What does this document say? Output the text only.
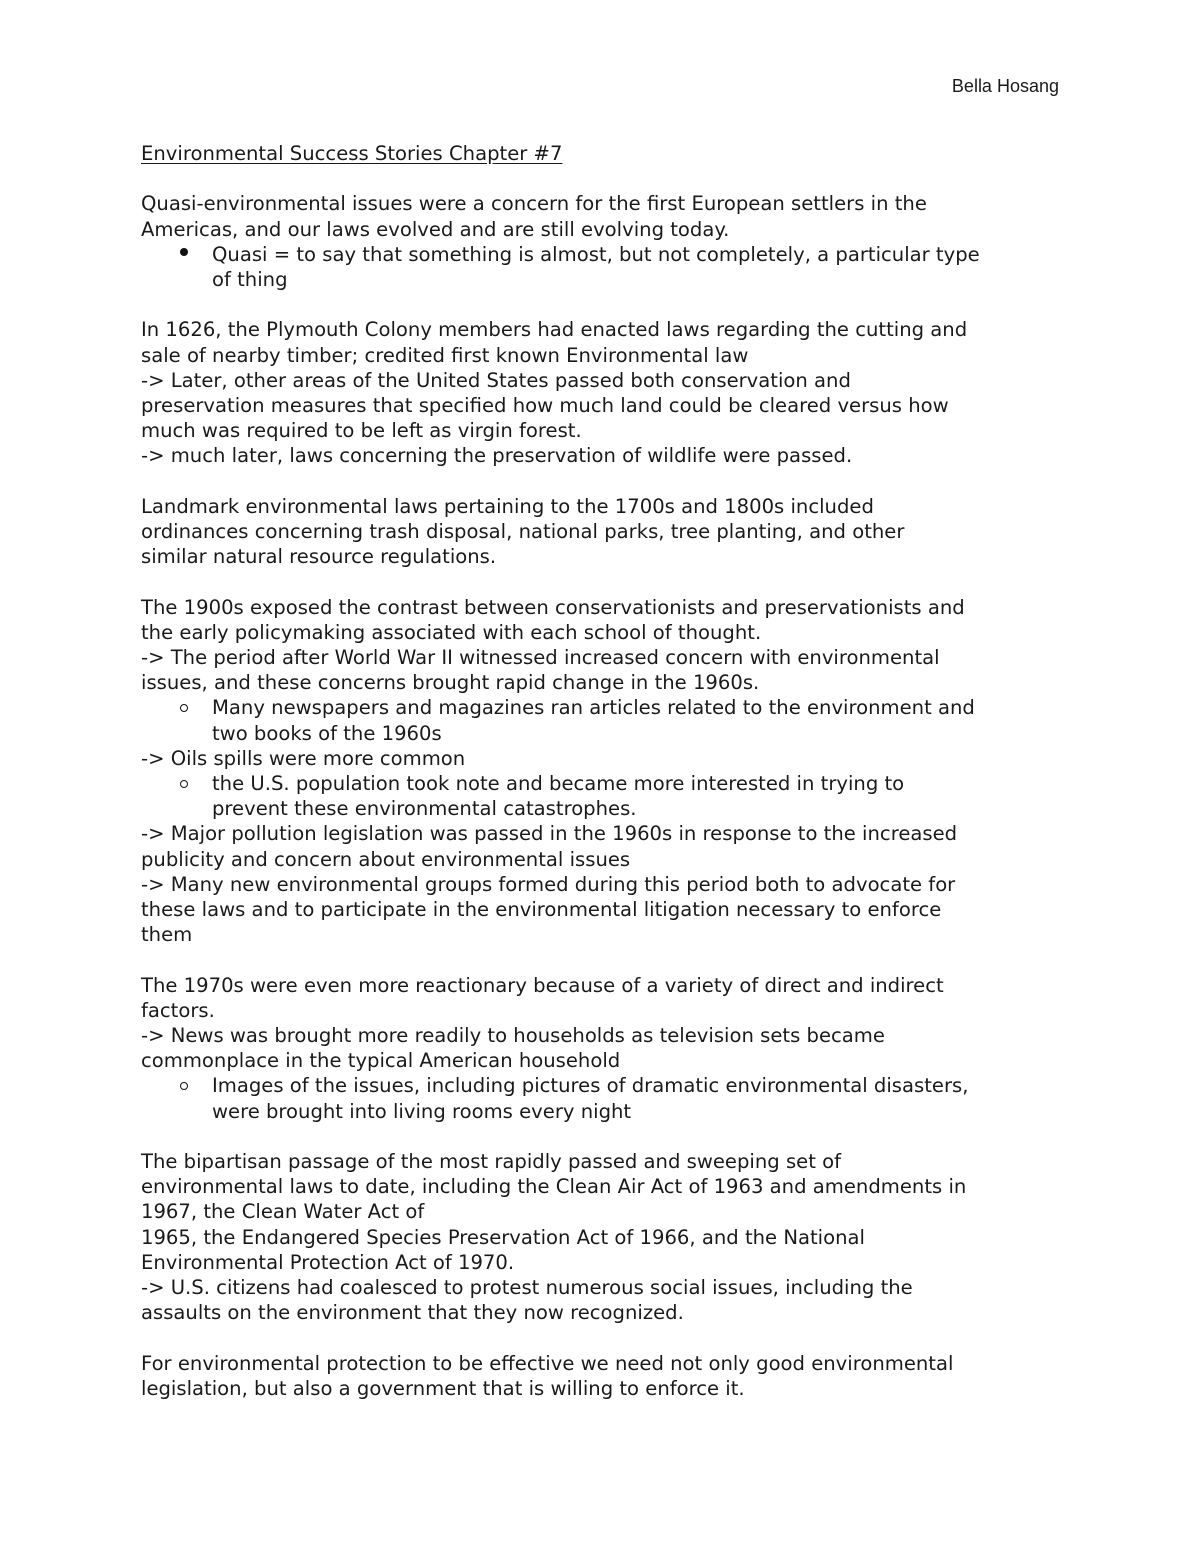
Bella Hosang

Environmental Success Stories Chapter #7

Quasi-environmental issues were a concern for the first European settlers in the
Americas, and our laws evolved and are still evolving today.
Quasi = to say that something is almost, but not completely, a particular type
of thing
In 1626, the Plymouth Colony members had enacted laws regarding the cutting and
sale of nearby timber; credited first known Environmental law
-> Later, other areas of the United States passed both conservation and
preservation measures that specified how much land could be cleared versus how
much was required to be left as virgin forest.
-> much later, laws concerning the preservation of wildlife were passed.
Landmark environmental laws pertaining to the 1700s and 1800s included
ordinances concerning trash disposal, national parks, tree planting, and other
similar natural resource regulations.
The 1900s exposed the contrast between conservationists and preservationists and
the early policymaking associated with each school of thought.
-> The period after World War II witnessed increased concern with environmental
issues, and these concerns brought rapid change in the 1960s.
Many newspapers and magazines ran articles related to the environment and
two books of the 1960s
-> Oils spills were more common
the U.S. population took note and became more interested in trying to
prevent these environmental catastrophes.
-> Major pollution legislation was passed in the 1960s in response to the increased
publicity and concern about environmental issues
-> Many new environmental groups formed during this period both to advocate for
these laws and to participate in the environmental litigation necessary to enforce
them
The 1970s were even more reactionary because of a variety of direct and indirect
factors.
-> News was brought more readily to households as television sets became
commonplace in the typical American household
Images of the issues, including pictures of dramatic environmental disasters,
were brought into living rooms every night
The bipartisan passage of the most rapidly passed and sweeping set of
environmental laws to date, including the Clean Air Act of 1963 and amendments in
1967, the Clean Water Act of
1965, the Endangered Species Preservation Act of 1966, and the National
Environmental Protection Act of 1970.
-> U.S. citizens had coalesced to protest numerous social issues, including the
assaults on the environment that they now recognized.
For environmental protection to be effective we need not only good environmental
legislation, but also a government that is willing to enforce it.
